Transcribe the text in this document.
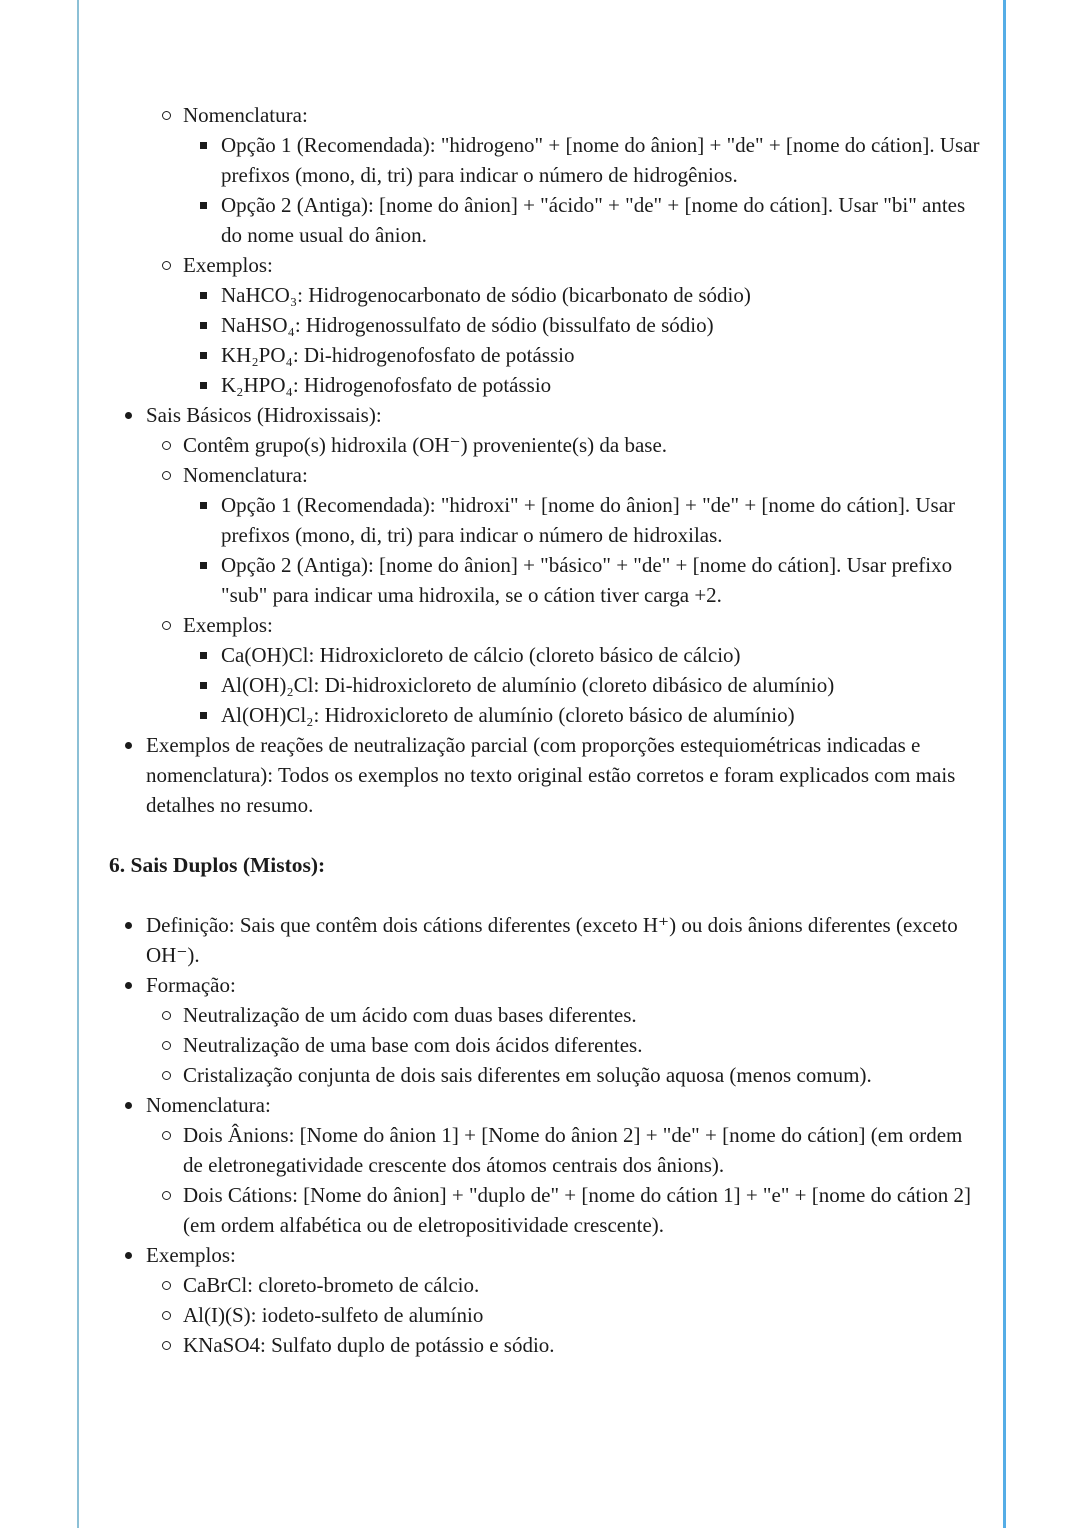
Nomenclatura:
Opção 1 (Recomendada): "hidrogeno" + [nome do ânion] + "de" + [nome do cátion]. Usar prefixos (mono, di, tri) para indicar o número de hidrogênios.
Opção 2 (Antiga): [nome do ânion] + "ácido" + "de" + [nome do cátion]. Usar "bi" antes do nome usual do ânion.
Exemplos:
NaHCO₃: Hidrogenocarbonato de sódio (bicarbonato de sódio)
NaHSO₄: Hidrogenossulfato de sódio (bissulfato de sódio)
KH₂PO₄: Di-hidrogenofosfato de potássio
K₂HPO₄: Hidrogenofosfato de potássio
Sais Básicos (Hidroxissais):
Contêm grupo(s) hidroxila (OH⁻) proveniente(s) da base.
Nomenclatura:
Opção 1 (Recomendada): "hidroxi" + [nome do ânion] + "de" + [nome do cátion]. Usar prefixos (mono, di, tri) para indicar o número de hidroxilas.
Opção 2 (Antiga): [nome do ânion] + "básico" + "de" + [nome do cátion]. Usar prefixo "sub" para indicar uma hidroxila, se o cátion tiver carga +2.
Exemplos:
Ca(OH)Cl: Hidroxicloreto de cálcio (cloreto básico de cálcio)
Al(OH)₂Cl: Di-hidroxicloreto de alumínio (cloreto dibásico de alumínio)
Al(OH)Cl₂: Hidroxicloreto de alumínio (cloreto básico de alumínio)
Exemplos de reações de neutralização parcial (com proporções estequiométricas indicadas e nomenclatura): Todos os exemplos no texto original estão corretos e foram explicados com mais detalhes no resumo.
6. Sais Duplos (Mistos):
Definição: Sais que contêm dois cátions diferentes (exceto H⁺) ou dois ânions diferentes (exceto OH⁻).
Formação:
Neutralização de um ácido com duas bases diferentes.
Neutralização de uma base com dois ácidos diferentes.
Cristalização conjunta de dois sais diferentes em solução aquosa (menos comum).
Nomenclatura:
Dois Ânions: [Nome do ânion 1] + [Nome do ânion 2] + "de" + [nome do cátion] (em ordem de eletronegatividade crescente dos átomos centrais dos ânions).
Dois Cátions: [Nome do ânion] + "duplo de" + [nome do cátion 1] + "e" + [nome do cátion 2] (em ordem alfabética ou de eletropositividade crescente).
Exemplos:
CaBrCl: cloreto-brometo de cálcio.
Al(I)(S): iodeto-sulfeto de alumínio
KNaSO4: Sulfato duplo de potássio e sódio.
